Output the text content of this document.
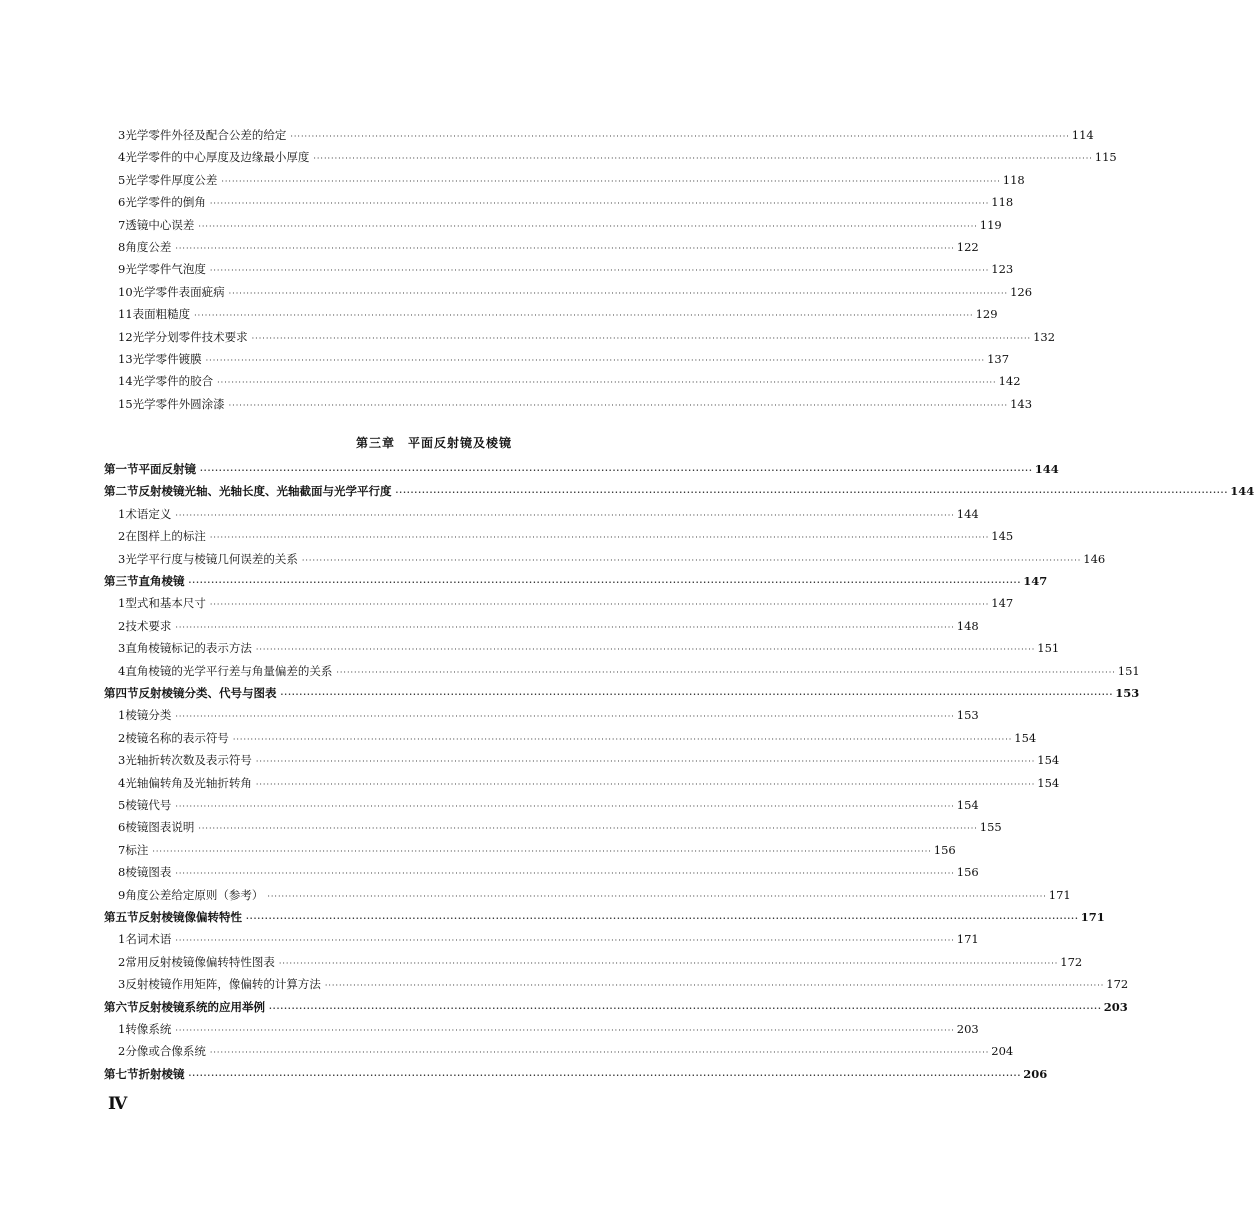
3 光学零件外径及配合公差的给定 ···························································································································································································································· 114
4 光学零件的中心厚度及边缘最小厚度 ···························································································································································································································· 115
5 光学零件厚度公差 ···························································································································································································································· 118
6 光学零件的倒角 ···························································································································································································································· 118
7 透镜中心误差 ···························································································································································································································· 119
8 角度公差 ···························································································································································································································· 122
9 光学零件气泡度 ···························································································································································································································· 123
10 光学零件表面疵病 ···························································································································································································································· 126
11 表面粗糙度 ···························································································································································································································· 129
12 光学分划零件技术要求 ···························································································································································································································· 132
13 光学零件镀膜 ···························································································································································································································· 137
14 光学零件的胶合 ···························································································································································································································· 142
15 光学零件外圆涂漆 ···························································································································································································································· 143
第三章　平面反射镜及棱镜
第一节 平面反射镜 ···························································································································································································································· 144
第二节 反射棱镜光轴、光轴长度、光轴截面与光学平行度 ···························································································································································································································· 144
1 术语定义 ···························································································································································································································· 144
2 在图样上的标注 ···························································································································································································································· 145
3 光学平行度与棱镜几何误差的关系 ···························································································································································································································· 146
第三节 直角棱镜 ···························································································································································································································· 147
1 型式和基本尺寸 ···························································································································································································································· 147
2 技术要求 ···························································································································································································································· 148
3 直角棱镜标记的表示方法 ···························································································································································································································· 151
4 直角棱镜的光学平行差与角量偏差的关系 ···························································································································································································································· 151
第四节 反射棱镜分类、代号与图表 ···························································································································································································································· 153
1 棱镜分类 ···························································································································································································································· 153
2 棱镜名称的表示符号 ···························································································································································································································· 154
3 光轴折转次数及表示符号 ···························································································································································································································· 154
4 光轴偏转角及光轴折转角 ···························································································································································································································· 154
5 棱镜代号 ···························································································································································································································· 154
6 棱镜图表说明 ···························································································································································································································· 155
7 标注 ···························································································································································································································· 156
8 棱镜图表 ···························································································································································································································· 156
9 角度公差给定原则（参考） ···························································································································································································································· 171
第五节 反射棱镜像偏转特性 ···························································································································································································································· 171
1 名词术语 ···························································································································································································································· 171
2 常用反射棱镜像偏转特性图表 ···························································································································································································································· 172
3 反射棱镜作用矩阵，像偏转的计算方法 ···························································································································································································································· 172
第六节 反射棱镜系统的应用举例 ···························································································································································································································· 203
1 转像系统 ···························································································································································································································· 203
2 分像或合像系统 ···························································································································································································································· 204
第七节 折射棱镜 ···························································································································································································································· 206
Ⅳ
